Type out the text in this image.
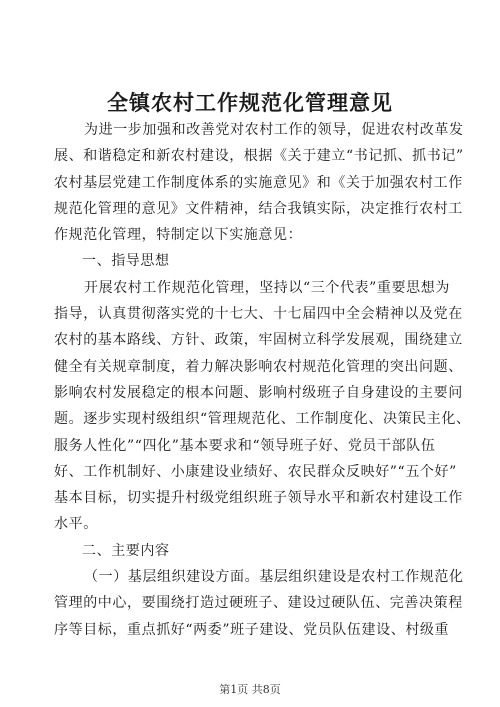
全镇农村工作规范化管理意见
为进一步加强和改善党对农村工作的领导，促进农村改革发
展、和谐稳定和新农村建设，根据《关于建立“书记抓、抓书记”
农村基层党建工作制度体系的实施意见》和《关于加强农村工作
规范化管理的意见》文件精神，结合我镇实际，决定推行农村工
作规范化管理，特制定以下实施意见：
一、指导思想
开展农村工作规范化管理，坚持以“三个代表”重要思想为
指导，认真贯彻落实党的十七大、十七届四中全会精神以及党在
农村的基本路线、方针、政策，牢固树立科学发展观，围绕建立
健全有关规章制度，着力解决影响农村规范化管理的突出问题、
影响农村发展稳定的根本问题、影响村级班子自身建设的主要问
题。逐步实现村级组织“管理规范化、工作制度化、决策民主化、
服务人性化”“四化”基本要求和“领导班子好、党员干部队伍
好、工作机制好、小康建设业绩好、农民群众反映好”“五个好”
基本目标，切实提升村级党组织班子领导水平和新农村建设工作
水平。
二、主要内容
（一）基层组织建设方面。基层组织建设是农村工作规范化
管理的中心，要围绕打造过硬班子、建设过硬队伍、完善决策程
序等目标，重点抓好“两委”班子建设、党员队伍建设、村级重
第1页 共8页
